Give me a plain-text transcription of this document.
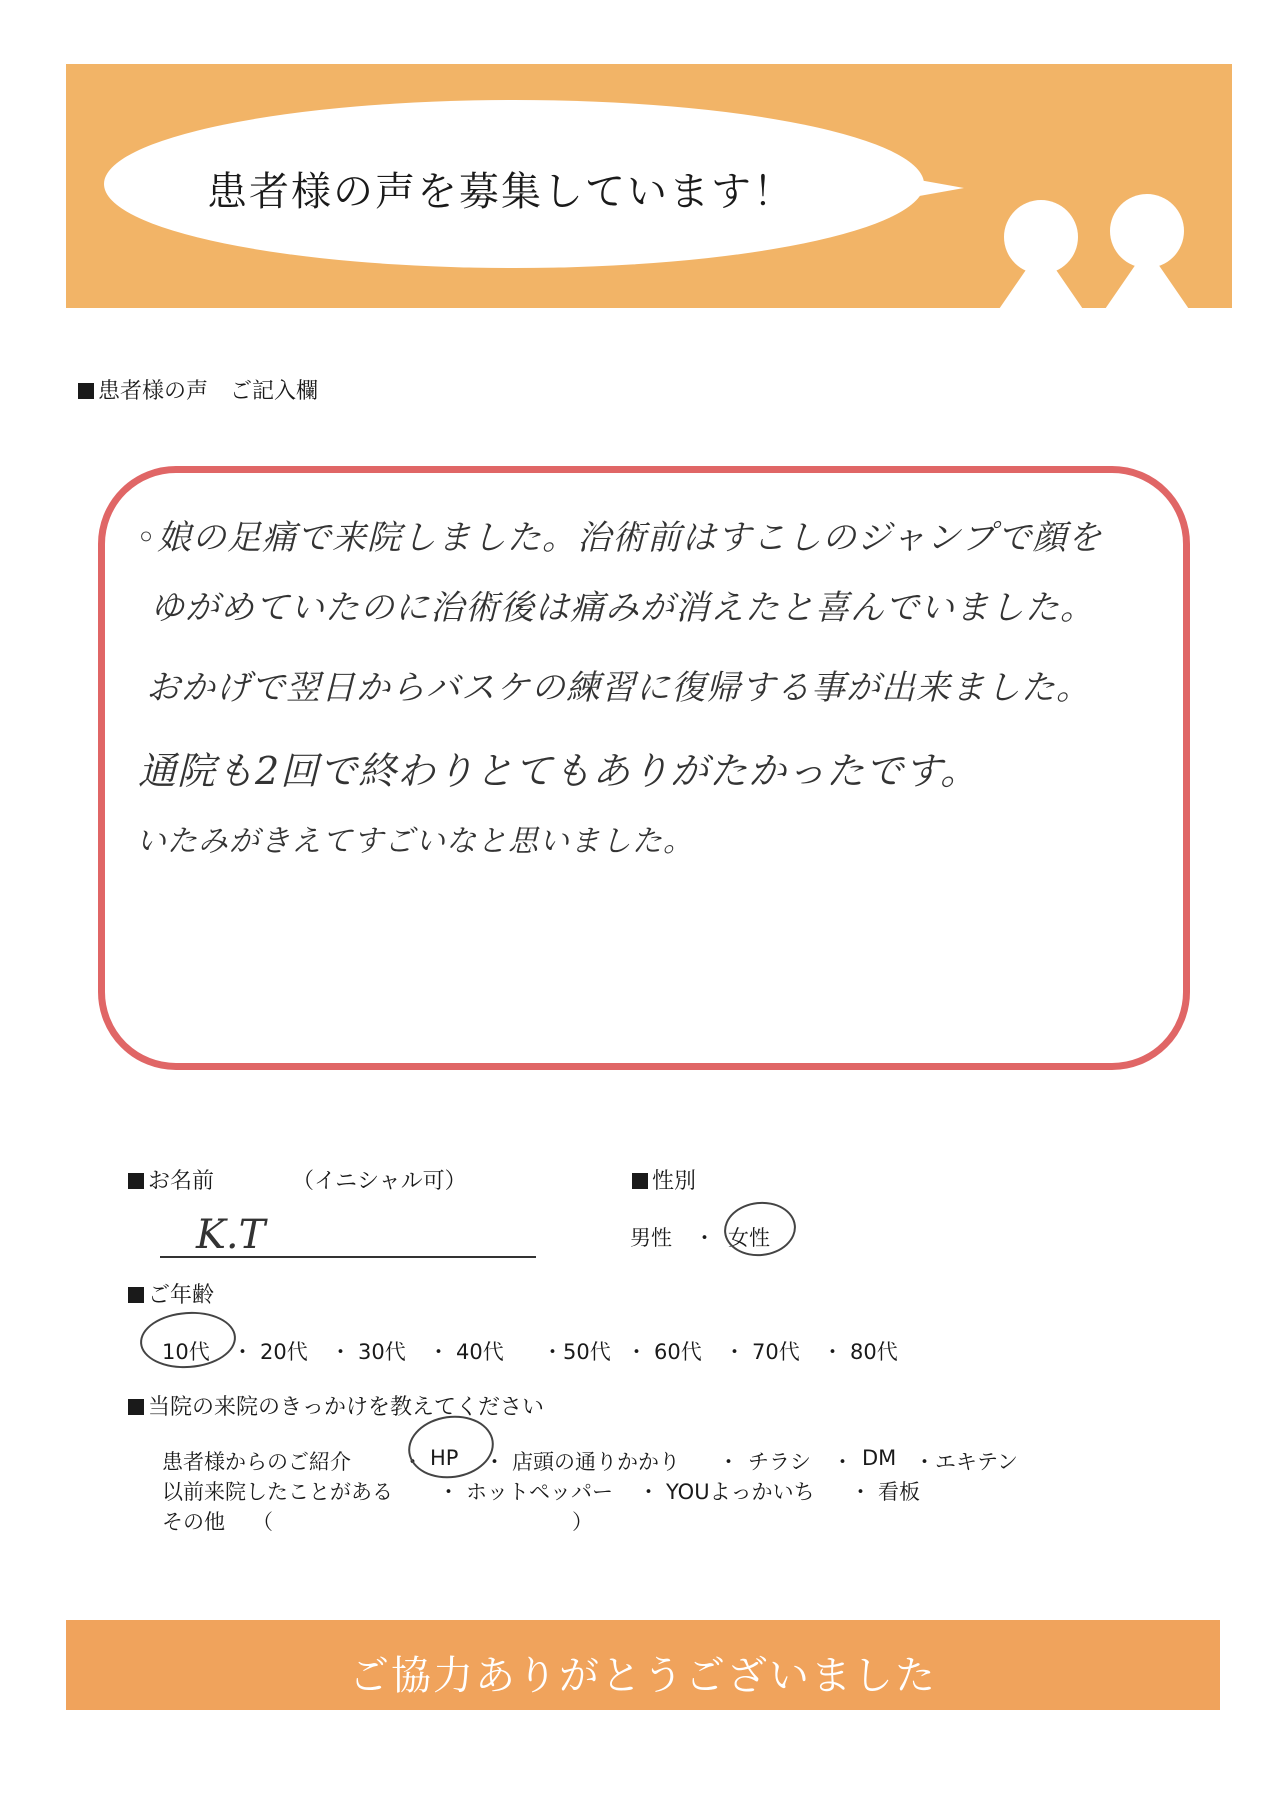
患者様の声を募集しています！
患者様の声　ご記入欄
◦娘の足痛で来院しました。治術前はすこしのジャンプで顔を
ゆがめていたのに治術後は痛みが消えたと喜んでいました。
おかげで翌日からバスケの練習に復帰する事が出来ました。
通院も2回で終わりとてもありがたかったです。
いたみがきえてすごいなと思いました。
お名前	（イニシャル可）
K.T
性別
男性 ・ 女性
ご年齢
10代 ・ 20代 ・ 30代 ・ 40代 ・50代 ・ 60代 ・ 70代 ・ 80代
当院の来院のきっかけを教えてください
患者様からのご紹介 ・ HP ・ 店頭の通りかかり ・ チラシ ・ DM ・エキテン
以前来院したことがある ・ ホットペッパー ・ YOUよっかいち ・ 看板
その他 （	）
ご協力ありがとうございました
